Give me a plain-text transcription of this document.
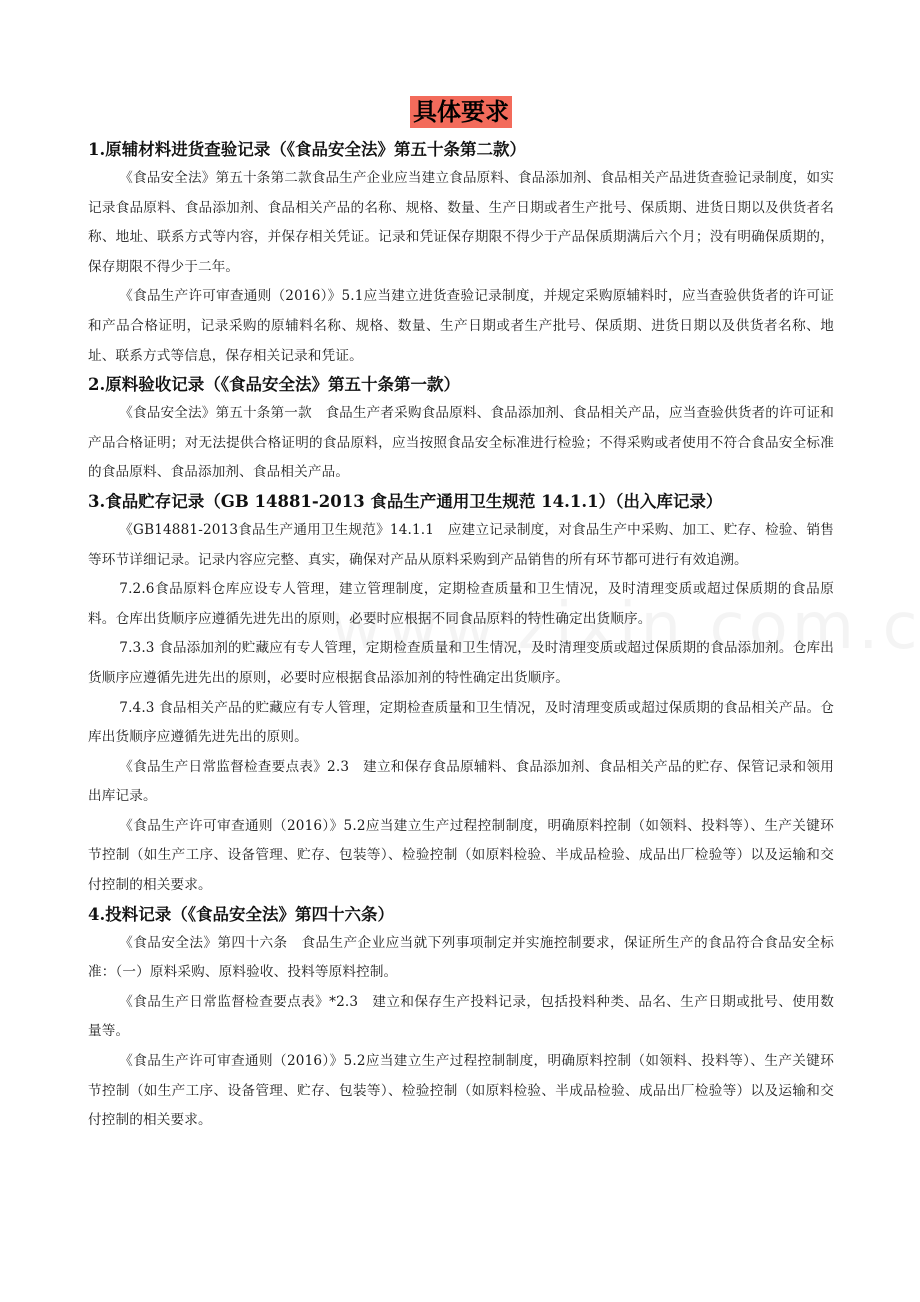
具体要求
1.原辅材料进货查验记录（《食品安全法》第五十条第二款）

《食品安全法》第五十条第二款食品生产企业应当建立食品原料、食品添加剂、食品相关产品进货查验记录制度，如实记录食品原料、食品添加剂、食品相关产品的名称、规格、数量、生产日期或者生产批号、保质期、进货日期以及供货者名称、地址、联系方式等内容，并保存相关凭证。记录和凭证保存期限不得少于产品保质期满后六个月；没有明确保质期的，保存期限不得少于二年。

《食品生产许可审查通则（2016）》5.1应当建立进货查验记录制度，并规定采购原辅料时，应当查验供货者的许可证和产品合格证明，记录采购的原辅料名称、规格、数量、生产日期或者生产批号、保质期、进货日期以及供货者名称、地址、联系方式等信息，保存相关记录和凭证。

2.原料验收记录（《食品安全法》第五十条第一款）

《食品安全法》第五十条第一款　食品生产者采购食品原料、食品添加剂、食品相关产品，应当查验供货者的许可证和产品合格证明；对无法提供合格证明的食品原料，应当按照食品安全标准进行检验；不得采购或者使用不符合食品安全标准的食品原料、食品添加剂、食品相关产品。

3.食品贮存记录（GB 14881-2013 食品生产通用卫生规范 14.1.1）（出入库记录）

《GB14881-2013食品生产通用卫生规范》14.1.1　应建立记录制度，对食品生产中采购、加工、贮存、检验、销售等环节详细记录。记录内容应完整、真实，确保对产品从原料采购到产品销售的所有环节都可进行有效追溯。

7.2.6食品原料仓库应设专人管理，建立管理制度，定期检查质量和卫生情况，及时清理变质或超过保质期的食品原料。仓库出货顺序应遵循先进先出的原则，必要时应根据不同食品原料的特性确定出货顺序。

7.3.3 食品添加剂的贮藏应有专人管理，定期检查质量和卫生情况，及时清理变质或超过保质期的食品添加剂。仓库出货顺序应遵循先进先出的原则，必要时应根据食品添加剂的特性确定出货顺序。

7.4.3 食品相关产品的贮藏应有专人管理，定期检查质量和卫生情况，及时清理变质或超过保质期的食品相关产品。仓库出货顺序应遵循先进先出的原则。

《食品生产日常监督检查要点表》2.3　建立和保存食品原辅料、食品添加剂、食品相关产品的贮存、保管记录和领用出库记录。

《食品生产许可审查通则（2016）》5.2应当建立生产过程控制制度，明确原料控制（如领料、投料等）、生产关键环节控制（如生产工序、设备管理、贮存、包装等）、检验控制（如原料检验、半成品检验、成品出厂检验等）以及运输和交付控制的相关要求。

4.投料记录（《食品安全法》第四十六条）

《食品安全法》第四十六条　食品生产企业应当就下列事项制定并实施控制要求，保证所生产的食品符合食品安全标准：（一）原料采购、原料验收、投料等原料控制。

《食品生产日常监督检查要点表》*2.3　建立和保存生产投料记录，包括投料种类、品名、生产日期或批号、使用数量等。

《食品生产许可审查通则（2016）》5.2应当建立生产过程控制制度，明确原料控制（如领料、投料等）、生产关键环节控制（如生产工序、设备管理、贮存、包装等）、检验控制（如原料检验、半成品检验、成品出厂检验等）以及运输和交付控制的相关要求。
